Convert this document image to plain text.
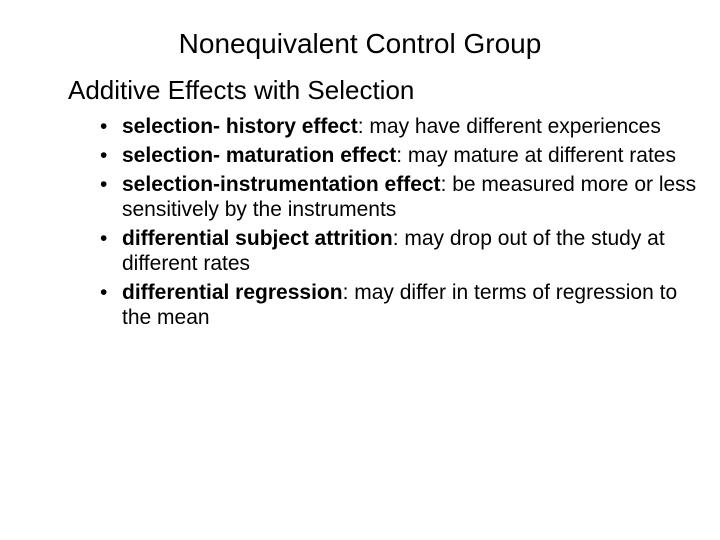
Nonequivalent Control Group
Additive Effects with Selection
• selection- history effect: may have different experiences
• selection- maturation effect: may mature at different rates
• selection-instrumentation effect: be measured more or less sensitively by the instruments
• differential subject attrition: may drop out of the study at different rates
• differential regression: may differ in terms of regression to the mean
